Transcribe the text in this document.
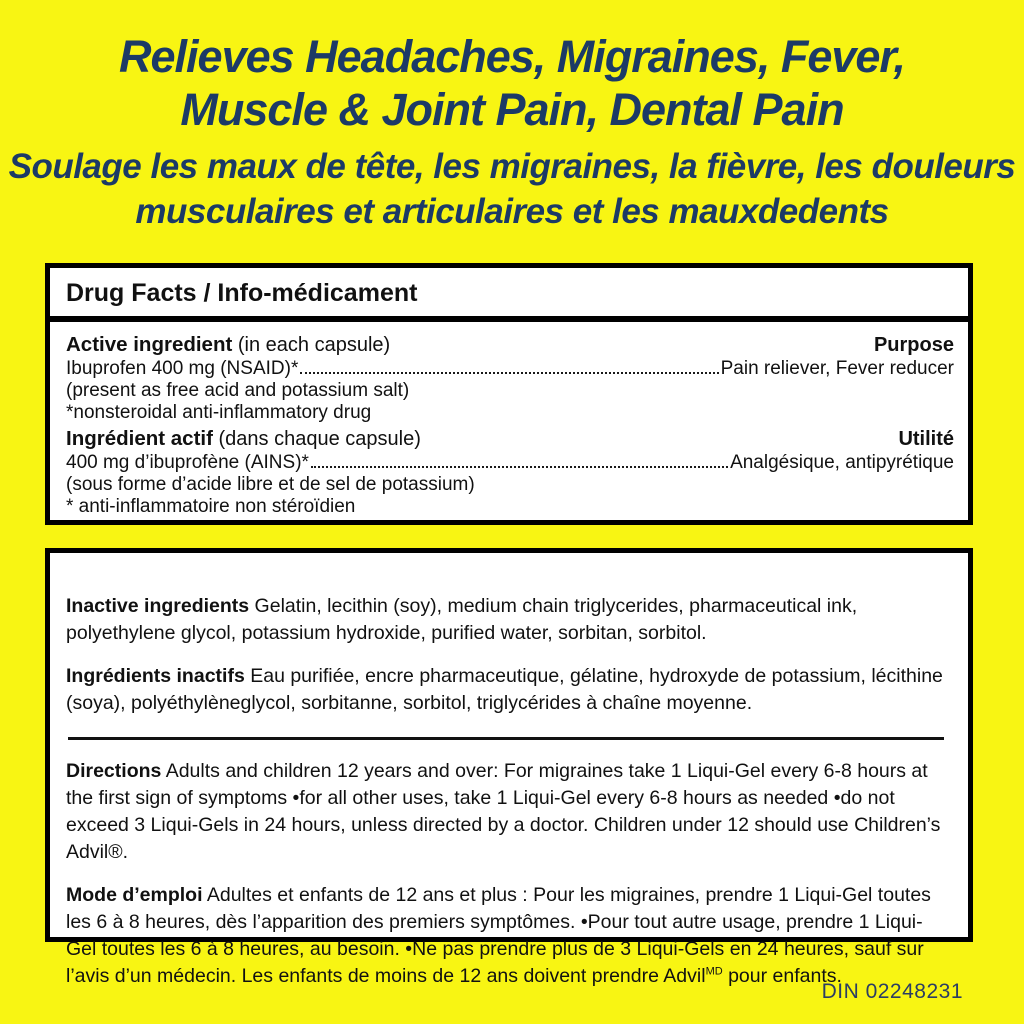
Relieves Headaches, Migraines, Fever,
Muscle & Joint Pain, Dental Pain
Soulage les maux de tête, les migraines, la fièvre, les douleurs
musculaires et articulaires et les mauxdedents
Drug Facts / Info-médicament
Active ingredient (in each capsule)	Purpose
Ibuprofen 400 mg (NSAID)*	Pain reliever, Fever reducer
(present as free acid and potassium salt)
*nonsteroidal anti-inflammatory drug
Ingrédient actif (dans chaque capsule)	Utilité
400 mg d’ibuprofène (AINS)*	Analgésique, antipyrétique
(sous forme d’acide libre et de sel de potassium)
* anti-inflammatoire non stéroïdien

Inactive ingredients Gelatin, lecithin (soy), medium chain triglycerides, pharmaceutical ink, polyethylene glycol, potassium hydroxide, purified water, sorbitan, sorbitol.

Ingrédients inactifs Eau purifiée, encre pharmaceutique, gélatine, hydroxyde de potassium, lécithine (soya), polyéthylèneglycol, sorbitanne, sorbitol, triglycérides à chaîne moyenne.

Directions Adults and children 12 years and over: For migraines take 1 Liqui-Gel every 6-8 hours at the first sign of symptoms •for all other uses, take 1 Liqui-Gel every 6-8 hours as needed •do not exceed 3 Liqui-Gels in 24 hours, unless directed by a doctor. Children under 12 should use Children’s Advil®.

Mode d’emploi Adultes et enfants de 12 ans et plus : Pour les migraines, prendre 1 Liqui-Gel toutes les 6 à 8 heures, dès l’apparition des premiers symptômes. •Pour tout autre usage, prendre 1 Liqui-Gel toutes les 6 à 8 heures, au besoin. •Ne pas prendre plus de 3 Liqui-Gels en 24 heures, sauf sur l’avis d’un médecin. Les enfants de moins de 12 ans doivent prendre Advil$^{MD}$ pour enfants.

DIN 02248231
